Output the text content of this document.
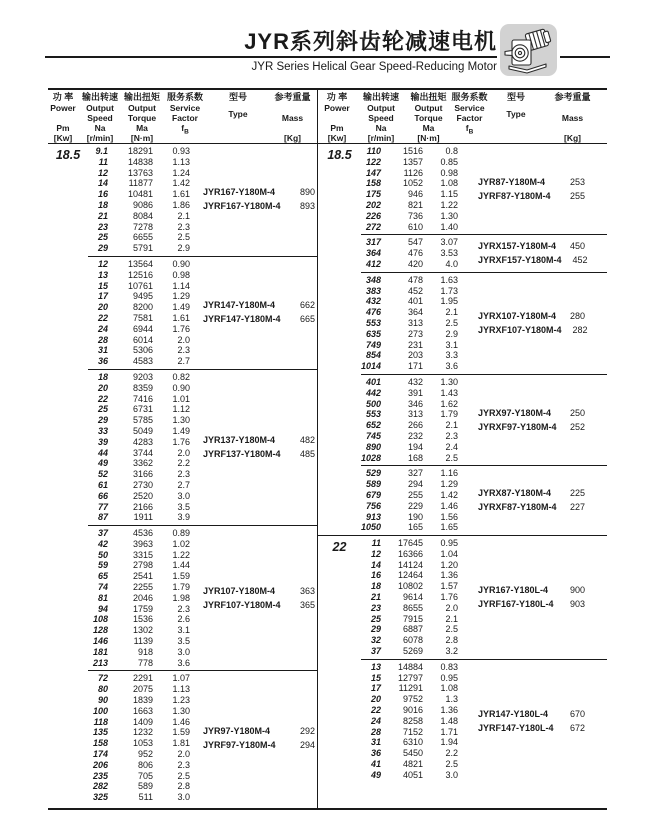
JYR系列斜齿轮减速电机
JYR Series Helical Gear Speed-Reducing Motor
功 率
Power
Pm
[Kw]
输出转速
Output
Speed
Na
[r/min]
输出扭矩
Output
Torque
Ma
[N·m]
服务系数
Service
Factor
$f_B$
型号
Type
参考重量
Mass
[Kg]
18.5	9.1	18291	0.93
11	14838	1.13
12	13763	1.24
14	11877	1.42
16	10481	1.61
18	9086	1.86
21	8084	2.1
23	7278	2.3
25	6655	2.5
29	5791	2.9
JYR167-Y180M-4	890
JYRF167-Y180M-4	893
12	13564	0.90
13	12516	0.98
15	10761	1.14
17	9495	1.29
20	8200	1.49
22	7581	1.61
24	6944	1.76
28	6014	2.0
31	5306	2.3
36	4583	2.7
JYR147-Y180M-4	662
JYRF147-Y180M-4	665
18	9203	0.82
20	8359	0.90
22	7416	1.01
25	6731	1.12
29	5785	1.30
33	5049	1.49
39	4283	1.76
44	3744	2.0
49	3362	2.2
52	3166	2.3
61	2730	2.7
66	2520	3.0
77	2166	3.5
87	1911	3.9
JYR137-Y180M-4	482
JYRF137-Y180M-4	485
37	4536	0.89
42	3963	1.02
50	3315	1.22
59	2798	1.44
65	2541	1.59
74	2255	1.79
81	2046	1.98
94	1759	2.3
108	1536	2.6
128	1302	3.1
146	1139	3.5
181	918	3.0
213	778	3.6
JYR107-Y180M-4	363
JYRF107-Y180M-4	365
72	2291	1.07
80	2075	1.13
90	1839	1.23
100	1663	1.30
118	1409	1.46
135	1232	1.59
158	1053	1.81
174	952	2.0
206	806	2.3
235	705	2.5
282	589	2.8
325	511	3.0
JYR97-Y180M-4	292
JYRF97-Y180M-4	294
功 率
Power
Pm
[Kw]
输出转速
Output
Speed
Na
[r/min]
输出扭矩
Output
Torque
Ma
[N·m]
服务系数
Service
Factor
$f_B$
型号
Type
参考重量
Mass
[Kg]
18.5	110	1516	0.8
122	1357	0.85
147	1126	0.98
158	1052	1.08
175	946	1.15
202	821	1.22
226	736	1.30
272	610	1.40
JYR87-Y180M-4	253
JYRF87-Y180M-4	255
317	547	3.07
364	476	3.53
412	420	4.0
JYRX157-Y180M-4	450
JYRXF157-Y180M-4	452
348	478	1.63
383	452	1.73
432	401	1.95
476	364	2.1
553	313	2.5
635	273	2.9
749	231	3.1
854	203	3.3
1014	171	3.6
JYRX107-Y180M-4	280
JYRXF107-Y180M-4	282
401	432	1.30
442	391	1.43
500	346	1.62
553	313	1.79
652	266	2.1
745	232	2.3
890	194	2.4
1028	168	2.5
JYRX97-Y180M-4	250
JYRXF97-Y180M-4	252
529	327	1.16
589	294	1.29
679	255	1.42
756	229	1.46
913	190	1.56
1050	165	1.65
JYRX87-Y180M-4	225
JYRXF87-Y180M-4	227
22	11	17645	0.95
12	16366	1.04
14	14124	1.20
16	12464	1.36
18	10802	1.57
21	9614	1.76
23	8655	2.0
25	7915	2.1
29	6887	2.5
32	6078	2.8
37	5269	3.2
JYR167-Y180L-4	900
JYRF167-Y180L-4	903
13	14884	0.83
15	12797	0.95
17	11291	1.08
20	9752	1.3
22	9016	1.36
24	8258	1.48
28	7152	1.71
31	6310	1.94
36	5450	2.2
41	4821	2.5
49	4051	3.0
JYR147-Y180L-4	670
JYRF147-Y180L-4	672
